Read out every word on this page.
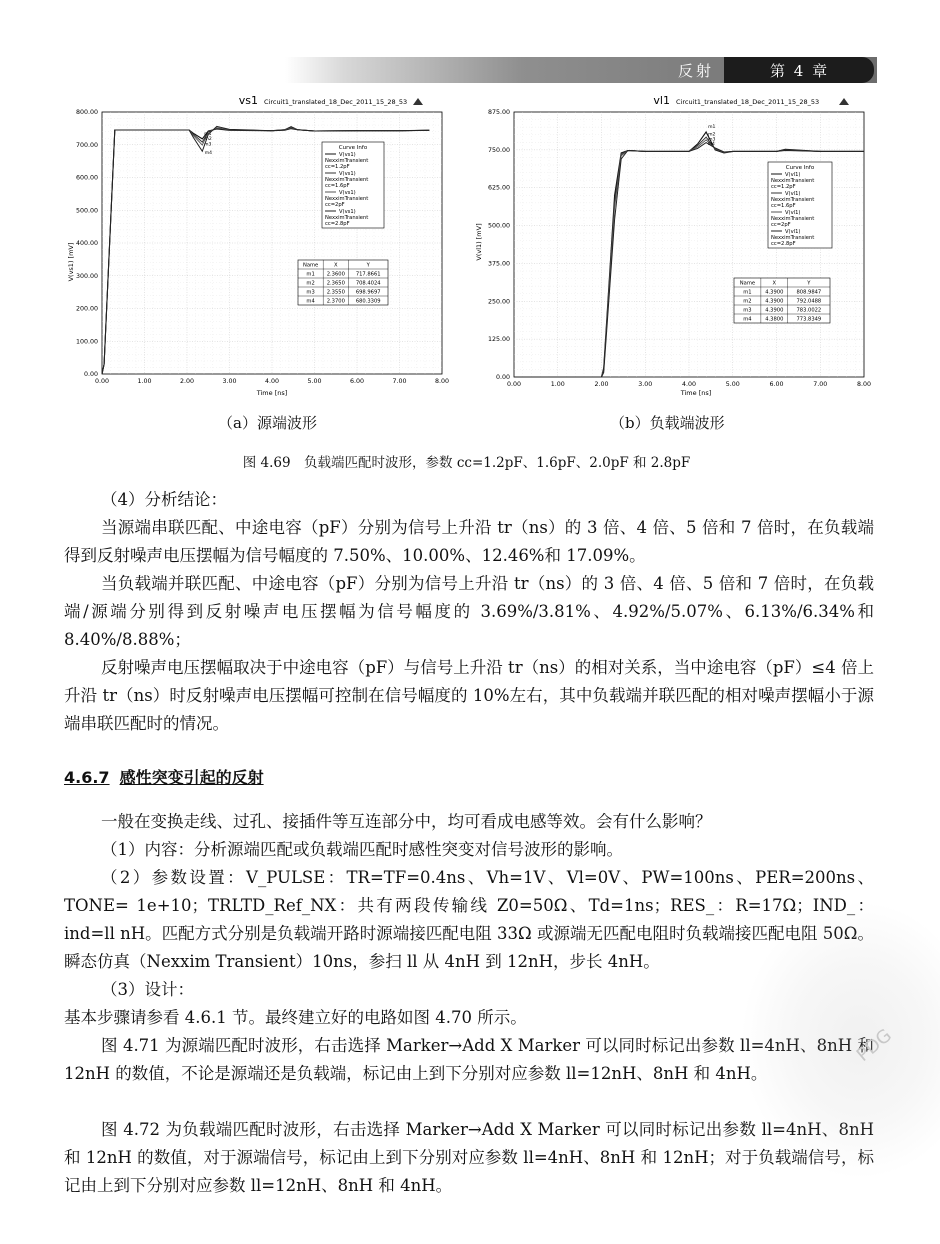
反射	第 4 章
vs1 Circuit1_translated_18_Dec_2011_15_28_53
0.00	1.00	2.00	3.00	4.00	5.00	6.00	7.00	8.00
800.00
700.00
600.00
500.00
400.00
300.00
200.00
100.00
0.00
m1
m2
m3
m4
Curve Info
V(vs1)
NexximTransient
cc=1.2pF
V(vs1)
NexximTransient
cc=1.6pF
V(vs1)
NexximTransient
cc=2pF
V(vs1)
NexximTransient
cc=2.8pF
Name	X	Y
m1 2.3600 717.8661
m2 2.3650 708.4024
m3 2.3550 698.9697
m4 2.3700 680.3309
V(vs1) [mV]
Time [ns]
vl1 Circuit1_translated_18_Dec_2011_15_28_53
0.00	1.00	2.00	3.00	4.00	5.00	6.00	7.00	8.00
875.00
750.00
625.00
500.00
375.00
250.00
125.00
0.00
m1
m2
m3
m4
Curve Info
V(vl1)
NexximTransient
cc=1.2pF
V(vl1)
NexximTransient
cc=1.6pF
V(vl1)
NexximTransient
cc=2pF
V(vl1)
NexximTransient
cc=2.8pF
Name	X	Y
m1	4.3900	808.9847
m2	4.3900	792.0488
m3	4.3900	783.0022
m4	4.3800	773.8349
V(vl1) [mV]
Time [ns]
（a）源端波形	（b）负载端波形
图 4.69　负载端匹配时波形，参数 cc=1.2pF、1.6pF、2.0pF 和 2.8pF

（4）分析结论：

当源端串联匹配、中途电容（pF）分别为信号上升沿 tr（ns）的 3 倍、4 倍、5 倍和 7 倍时，在负载端得到反射噪声电压摆幅为信号幅度的 7.50%、10.00%、12.46%和 17.09%。

当负载端并联匹配、中途电容（pF）分别为信号上升沿 tr（ns）的 3 倍、4 倍、5 倍和 7 倍时，在负载端/源端分别得到反射噪声电压摆幅为信号幅度的 3.69%/3.81%、4.92%/5.07%、6.13%/6.34%和 8.40%/8.88%；

反射噪声电压摆幅取决于中途电容（pF）与信号上升沿 tr（ns）的相对关系，当中途电容（pF）≤4 倍上升沿 tr（ns）时反射噪声电压摆幅可控制在信号幅度的 10%左右，其中负载端并联匹配的相对噪声摆幅小于源端串联匹配时的情况。

4.6.7 感性突变引起的反射

一般在变换走线、过孔、接插件等互连部分中，均可看成电感等效。会有什么影响？

（1）内容：分析源端匹配或负载端匹配时感性突变对信号波形的影响。

（2）参数设置：V_PULSE：TR=TF=0.4ns、Vh=1V、Vl=0V、PW=100ns、PER=200ns、TONE= 1e+10；TRLTD_Ref_NX：共有两段传输线 Z0=50Ω、Td=1ns；RES_：R=17Ω；IND_：ind=ll nH。匹配方式分别是负载端开路时源端接匹配电阻 33Ω 或源端无匹配电阻时负载端接匹配电阻 50Ω。瞬态仿真（Nexxim Transient）10ns，参扫 ll 从 4nH 到 12nH，步长 4nH。

（3）设计：

基本步骤请参看 4.6.1 节。最终建立好的电路如图 4.70 所示。

图 4.71 为源端匹配时波形，右击选择 Marker→Add X Marker 可以同时标记出参数 ll=4nH、8nH 和 12nH 的数值，不论是源端还是负载端，标记由上到下分别对应参数 ll=12nH、8nH 和 4nH。

图 4.72 为负载端匹配时波形，右击选择 Marker→Add X Marker 可以同时标记出参数 ll=4nH、8nH 和 12nH 的数值，对于源端信号，标记由上到下分别对应参数 ll=4nH、8nH 和 12nH；对于负载端信号，标记由上到下分别对应参数 ll=12nH、8nH 和 4nH。

PDG
